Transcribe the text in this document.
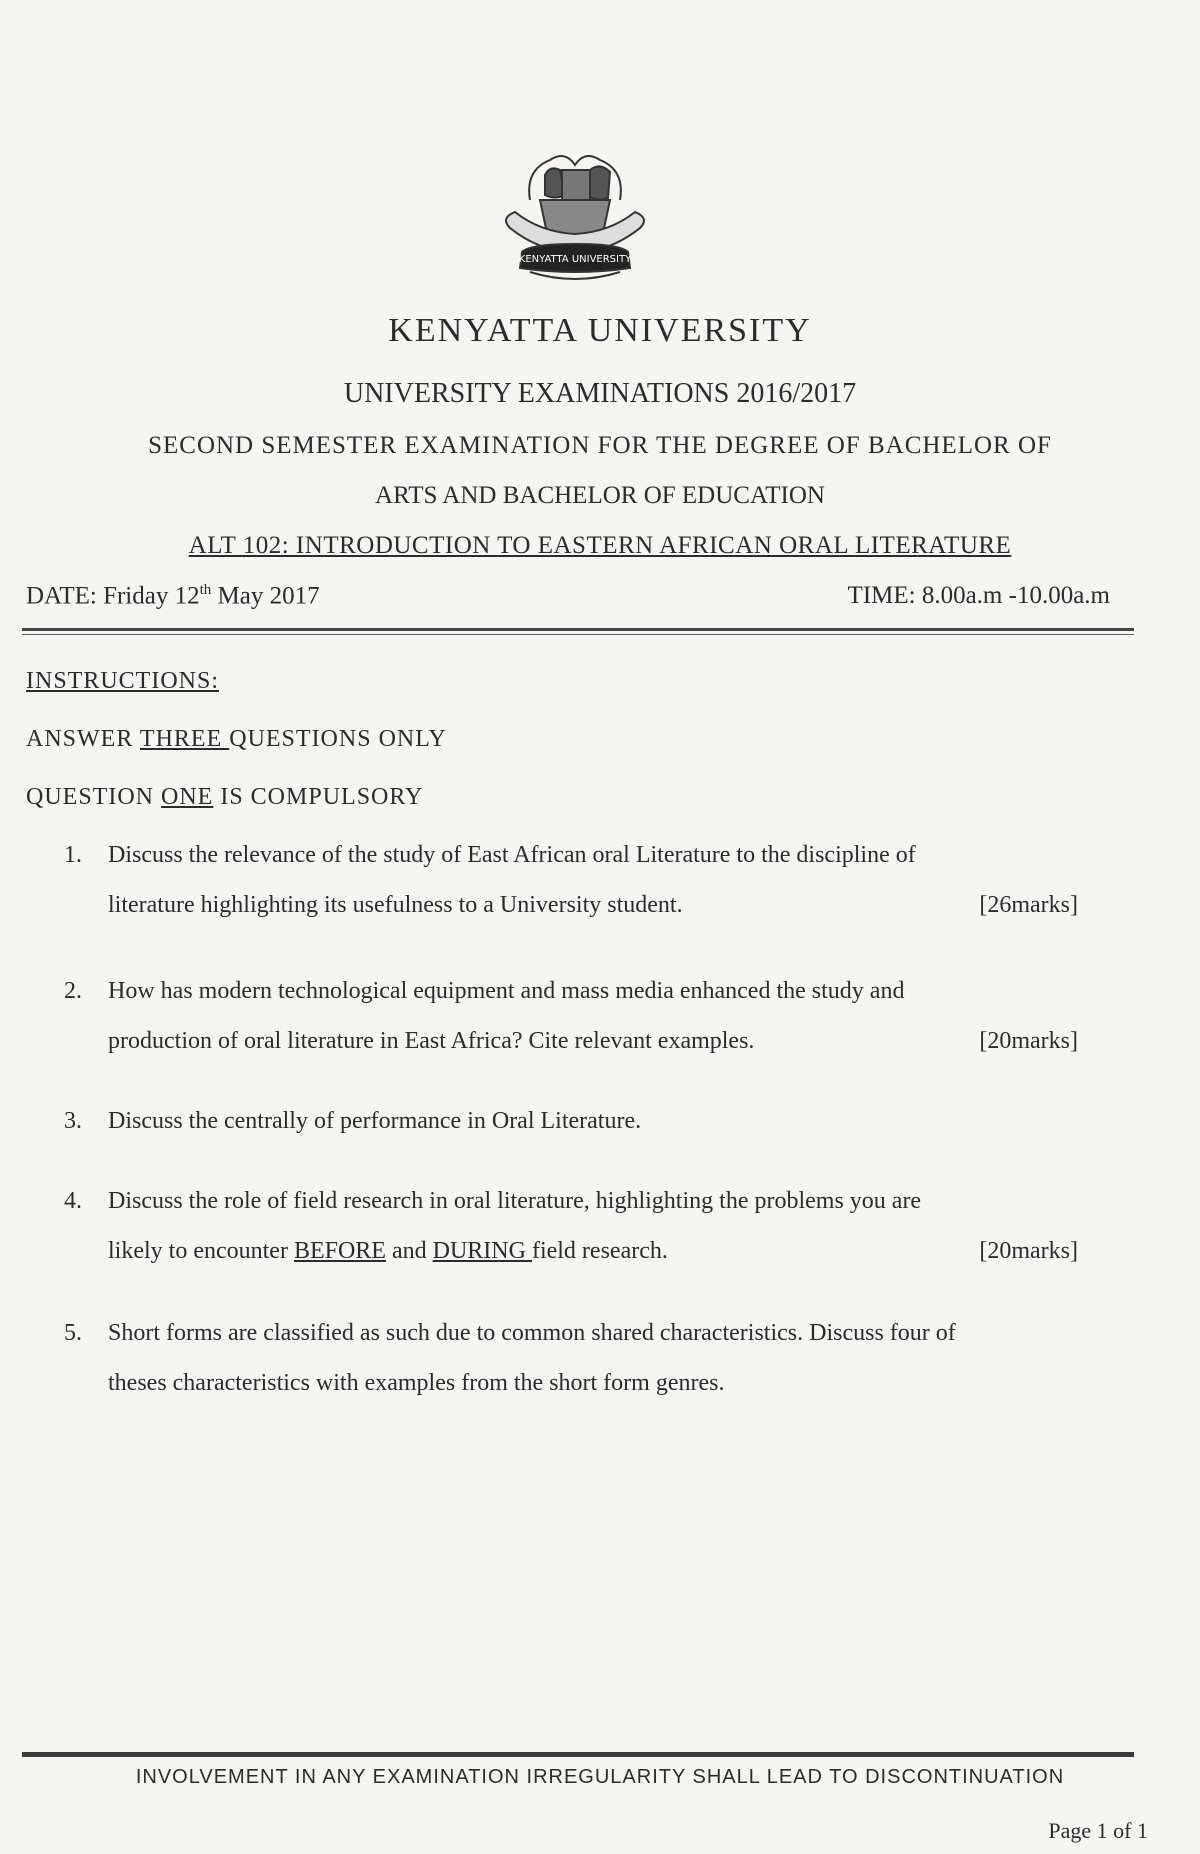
KENYATTA UNIVERSITY
KENYATTA UNIVERSITY
UNIVERSITY EXAMINATIONS 2016/2017
SECOND SEMESTER EXAMINATION FOR THE DEGREE OF BACHELOR OF
ARTS AND BACHELOR OF EDUCATION
ALT 102: INTRODUCTION TO EASTERN AFRICAN ORAL LITERATURE
DATE: Friday 12th May 2017	TIME: 8.00a.m -10.00a.m
INSTRUCTIONS:
ANSWER THREE QUESTIONS ONLY
QUESTION ONE IS COMPULSORY
1.	Discuss the relevance of the study of East African oral Literature to the discipline of
literature highlighting its usefulness to a University student.	[26marks]
2.	How has modern technological equipment and mass media enhanced the study and
production of oral literature in East Africa? Cite relevant examples.	[20marks]
3.	Discuss the centrally of performance in Oral Literature.
4.	Discuss the role of field research in oral literature, highlighting the problems you are
likely to encounter BEFORE and DURING field research.	[20marks]
5.	Short forms are classified as such due to common shared characteristics. Discuss four of
theses characteristics with examples from the short form genres.
INVOLVEMENT IN ANY EXAMINATION IRREGULARITY SHALL LEAD TO DISCONTINUATION
Page 1 of 1
